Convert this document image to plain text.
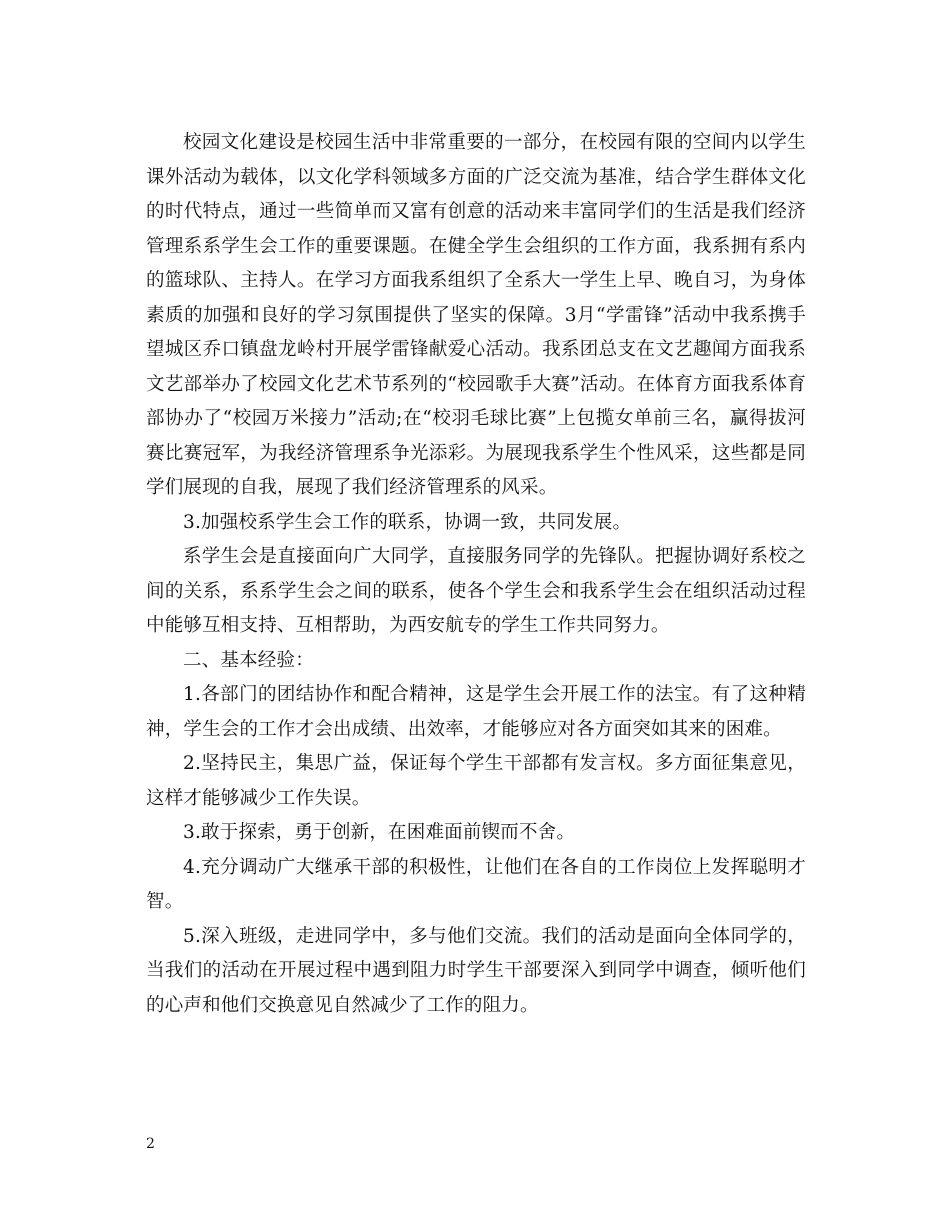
校园文化建设是校园生活中非常重要的一部分，在校园有限的空间内以学生课外活动为载体，以文化学科领域多方面的广泛交流为基准，结合学生群体文化的时代特点，通过一些简单而又富有创意的活动来丰富同学们的生活是我们经济管理系系学生会工作的重要课题。在健全学生会组织的工作方面，我系拥有系内的篮球队、主持人。在学习方面我系组织了全系大一学生上早、晚自习，为身体素质的加强和良好的学习氛围提供了坚实的保障。3月“学雷锋”活动中我系携手望城区乔口镇盘龙岭村开展学雷锋献爱心活动。我系团总支在文艺趣闻方面我系文艺部举办了校园文化艺术节系列的“校园歌手大赛”活动。在体育方面我系体育部协办了“校园万米接力”活动;在“校羽毛球比赛”上包揽女单前三名，赢得拔河赛比赛冠军，为我经济管理系争光添彩。为展现我系学生个性风采，这些都是同学们展现的自我，展现了我们经济管理系的风采。

3.加强校系学生会工作的联系，协调一致，共同发展。

系学生会是直接面向广大同学，直接服务同学的先锋队。把握协调好系校之间的关系，系系学生会之间的联系，使各个学生会和我系学生会在组织活动过程中能够互相支持、互相帮助，为西安航专的学生工作共同努力。

二、基本经验：

1.各部门的团结协作和配合精神，这是学生会开展工作的法宝。有了这种精神，学生会的工作才会出成绩、出效率，才能够应对各方面突如其来的困难。

2.坚持民主，集思广益，保证每个学生干部都有发言权。多方面征集意见，这样才能够减少工作失误。

3.敢于探索，勇于创新，在困难面前锲而不舍。

4.充分调动广大继承干部的积极性，让他们在各自的工作岗位上发挥聪明才智。

5.深入班级，走进同学中，多与他们交流。我们的活动是面向全体同学的，当我们的活动在开展过程中遇到阻力时学生干部要深入到同学中调查，倾听他们的心声和他们交换意见自然减少了工作的阻力。

2
